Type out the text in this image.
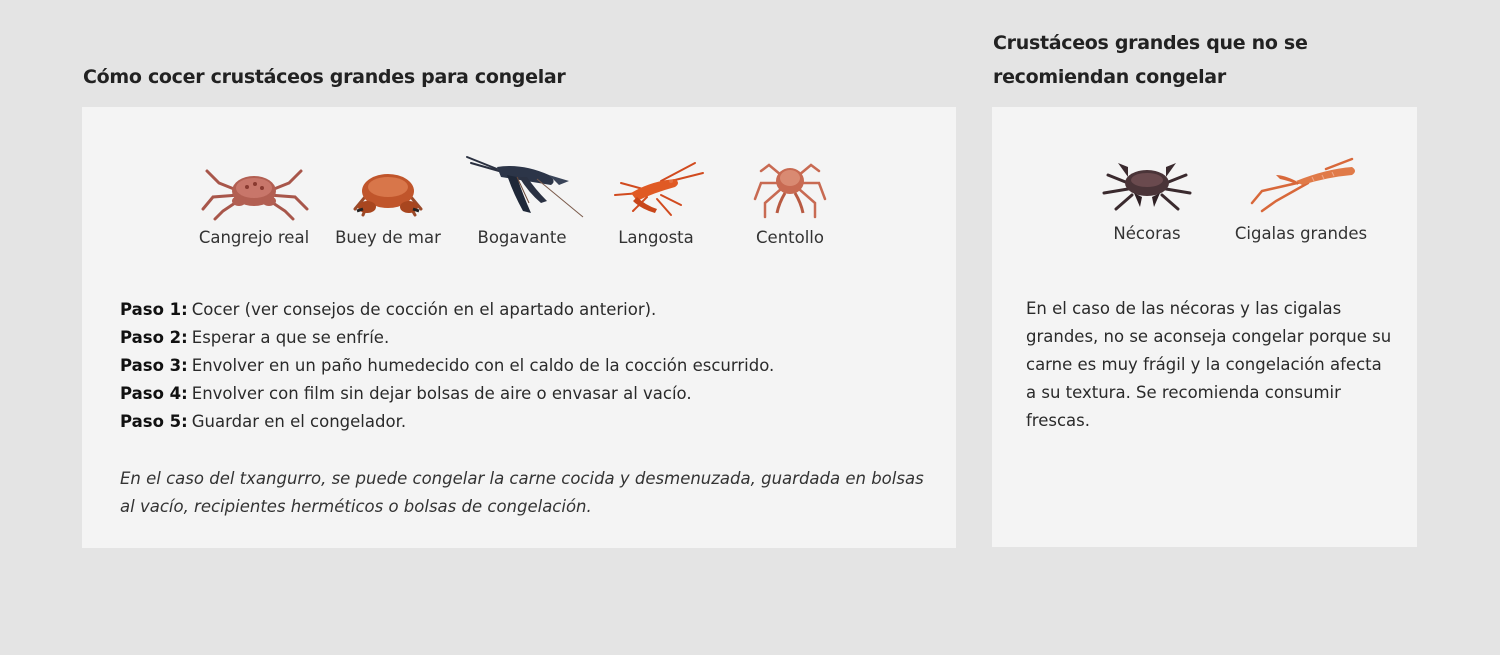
Cómo cocer crustáceos grandes para congelar
Crustáceos grandes que no se recomiendan congelar
Cangrejo real Buey de mar Bogavante	Langosta	Centollo
Paso 1: Cocer (ver consejos de cocción en el apartado anterior).
Paso 2: Esperar a que se enfríe.
Paso 3: Envolver en un paño humedecido con el caldo de la cocción escurrido.
Paso 4: Envolver con film sin dejar bolsas de aire o envasar al vacío.
Paso 5: Guardar en el congelador.
En el caso del txangurro, se puede congelar la carne cocida y desmenuzada, guardada en bolsas al vacío, recipientes herméticos o bolsas de congelación.
Nécoras	Cigalas grandes
En el caso de las nécoras y las cigalas grandes, no se aconseja congelar porque su carne es muy frágil y la congelación afecta a su textura. Se recomienda consumir frescas.
